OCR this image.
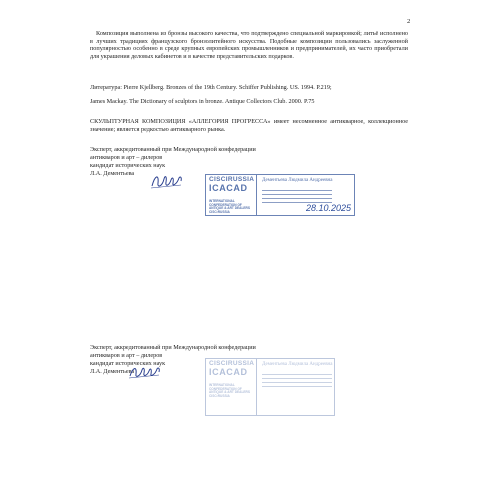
2
Композиция выполнена из бронзы высокого качества, что подтверждено специальной маркировкой; литьё исполнено в лучших традициях французского бронзолитейного искусства. Подобные композиции пользовались заслуженной популярностью особенно в среде крупных европейских промышленников и предпринимателей, их часто приобретали для украшения деловых кабинетов и в качестве представительских подарков.
Литература: Pierre Kjellberg. Bronzes of the 19th Century. Schiffer Publishing. US. 1994. P.219;
James Mackay. The Dictionary of sculptors in bronze. Antique Collectors Club. 2000. P.75
СКУЛЬПТУРНАЯ КОМПОЗИЦИЯ «АЛЛЕГОРИЯ ПРОГРЕССА» имеет несомненное антикварное, коллекционное значение; является редкостью антикварного рынка.
Эксперт, аккредитованный при Международной конфедерации
антикваров и арт – дилеров
кандидат исторических наук
Л.А. Дементьева
CISCIRUSSIA
ICACAD
INTERNATIONAL CONFEDERATION OF ANTIQUE & ART DEALERS CISC•RUSSIA
Дементьева Людмила Андреевна
28.10.2025
Эксперт, аккредитованный при Международной конфедерации
антикваров и арт – дилеров
кандидат исторических наук
Л.А. Дементьева
CISCIRUSSIA
ICACAD
INTERNATIONAL CONFEDERATION OF ANTIQUE & ART DEALERS CISC•RUSSIA
Дементьева Людмила Андреевна
